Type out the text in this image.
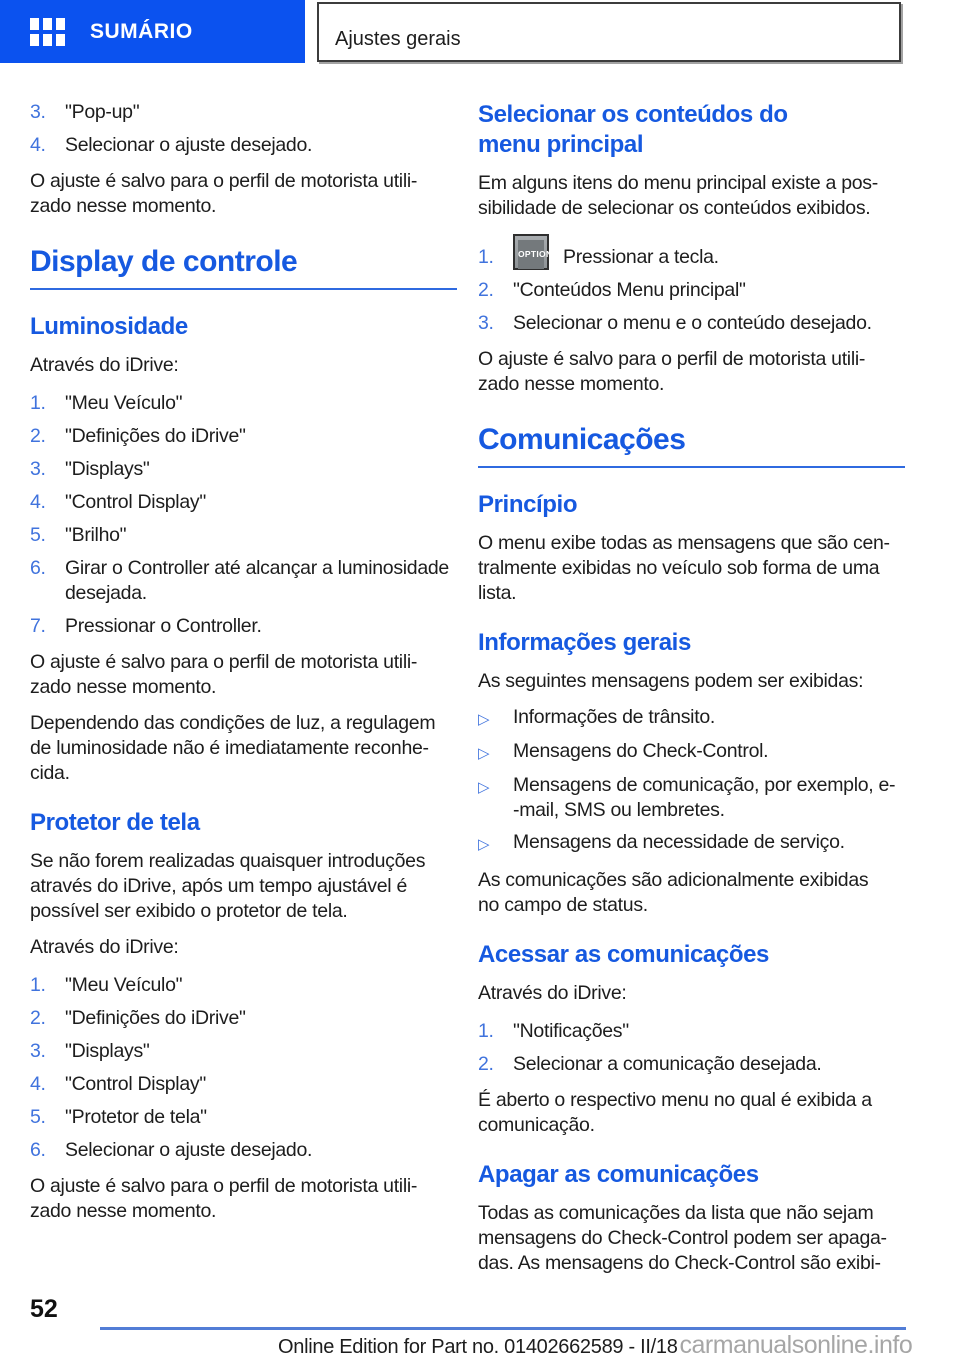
SUMÁRIO	Ajustes gerais
3. "Pop-up"
4. Selecionar o ajuste desejado.
O ajuste é salvo para o perfil de motorista utili-
zado nesse momento.
Display de controle
Luminosidade
Através do iDrive:
1. "Meu Veículo"
2. "Definições do iDrive"
3. "Displays"
4. "Control Display"
5. "Brilho"
6. Girar o Controller até alcançar a luminosidade
desejada.
7. Pressionar o Controller.
O ajuste é salvo para o perfil de motorista utili-
zado nesse momento.
Dependendo das condições de luz, a regulagem
de luminosidade não é imediatamente reconhe-
cida.
Protetor de tela
Se não forem realizadas quaisquer introduções
através do iDrive, após um tempo ajustável é
possível ser exibido o protetor de tela.
Através do iDrive:
1. "Meu Veículo"
2. "Definições do iDrive"
3. "Displays"
4. "Control Display"
5. "Protetor de tela"
6. Selecionar o ajuste desejado.
O ajuste é salvo para o perfil de motorista utili-
zado nesse momento.
Selecionar os conteúdos do
menu principal
Em alguns itens do menu principal existe a pos-
sibilidade de selecionar os conteúdos exibidos.
1.	OPTION Pressionar a tecla.
2. "Conteúdos Menu principal"
3. Selecionar o menu e o conteúdo desejado.
O ajuste é salvo para o perfil de motorista utili-
zado nesse momento.
Comunicações
Princípio
O menu exibe todas as mensagens que são cen-
tralmente exibidas no veículo sob forma de uma
lista.
Informações gerais
As seguintes mensagens podem ser exibidas:
▷	Informações de trânsito.
▷	Mensagens do Check-Control.
▷	Mensagens de comunicação, por exemplo, e-
-mail, SMS ou lembretes.
▷	Mensagens da necessidade de serviço.
As comunicações são adicionalmente exibidas
no campo de status.
Acessar as comunicações
Através do iDrive:
1. "Notificações"
2. Selecionar a comunicação desejada.
É aberto o respectivo menu no qual é exibida a
comunicação.
Apagar as comunicações
Todas as comunicações da lista que não sejam
mensagens do Check-Control podem ser apaga-
das. As mensagens do Check-Control são exibi-
52
Online Edition for Part no. 01402662589 - II/18 carmanualsonline.info
